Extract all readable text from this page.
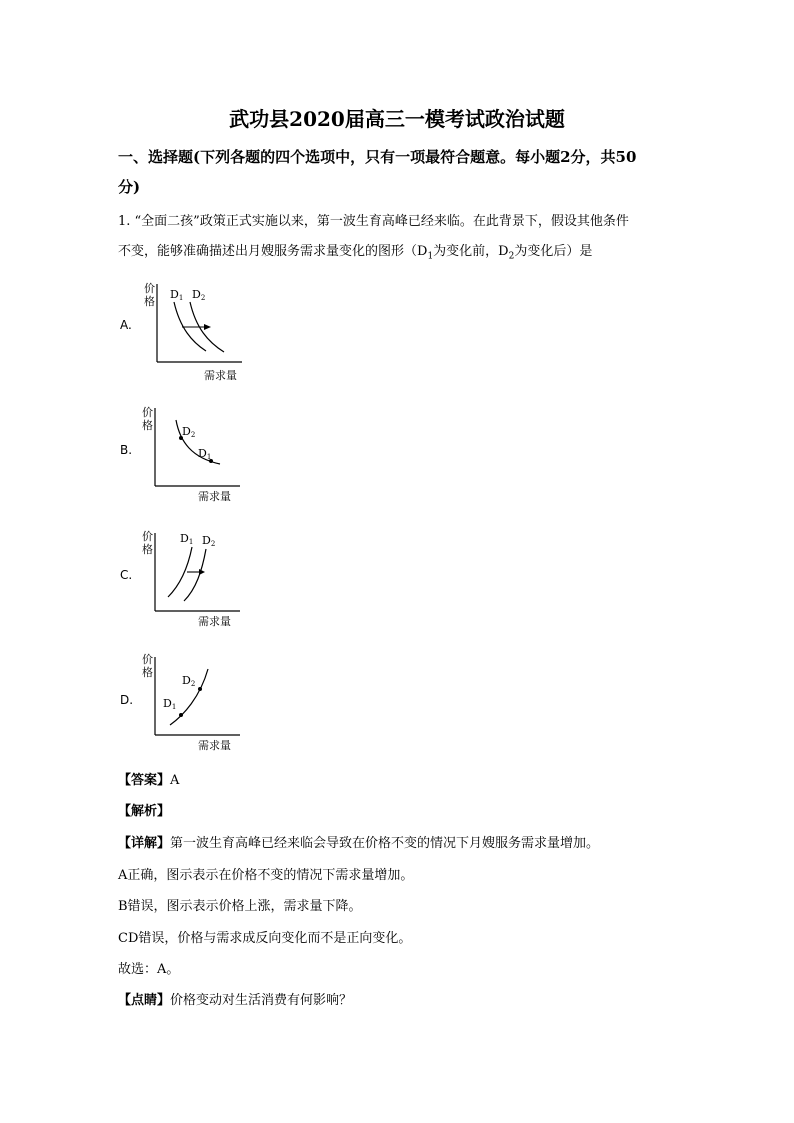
武功县2020届高三一模考试政治试题
一、选择题(下列各题的四个选项中，只有一项最符合题意。每小题2分，共50
分)
1. “全面二孩”政策正式实施以来，第一波生育高峰已经来临。在此背景下，假设其他条件
不变，能够准确描述出月嫂服务需求量变化的图形（$D_1$为变化前，$D_2$为变化后）是
A.
价
格
D1 D2
需求量
B.
价
格	D2
D1
需求量
C.
价
格
D1 D2
需求量
D.
价
格
D2
D1
需求量
【答案】A
【解析】
【详解】第一波生育高峰已经来临会导致在价格不变的情况下月嫂服务需求量增加。
A正确，图示表示在价格不变的情况下需求量增加。
B错误，图示表示价格上涨，需求量下降。
CD错误，价格与需求成反向变化而不是正向变化。
故选：A。
【点睛】价格变动对生活消费有何影响？
